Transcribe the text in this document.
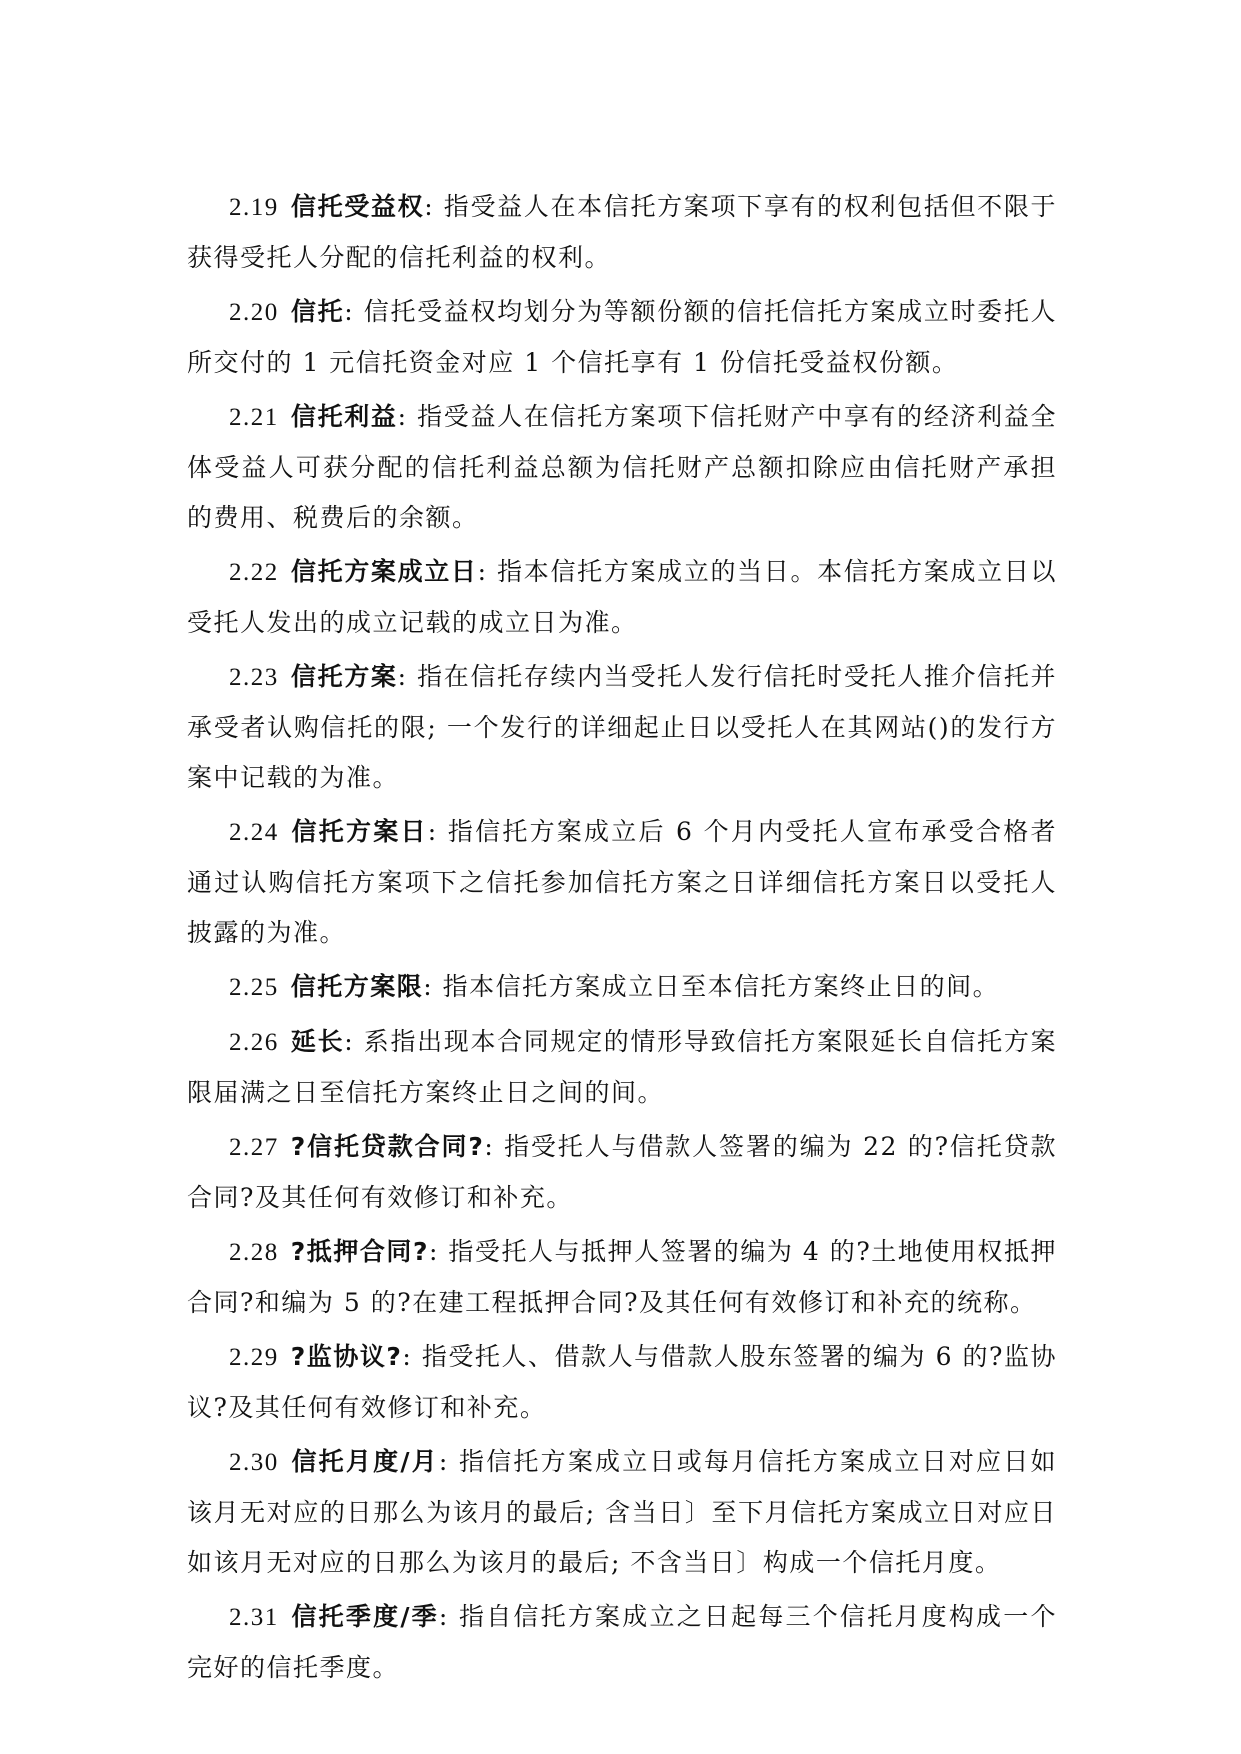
2.19 信托受益权: 指受益人在本信托方案项下享有的权利包括但不限于获得受托人分配的信托利益的权利。

2.20 信托: 信托受益权均划分为等额份额的信托信托方案成立时委托人所交付的 1 元信托资金对应 1 个信托享有 1 份信托受益权份额。

2.21 信托利益: 指受益人在信托方案项下信托财产中享有的经济利益全体受益人可获分配的信托利益总额为信托财产总额扣除应由信托财产承担的费用、税费后的余额。

2.22 信托方案成立日: 指本信托方案成立的当日。本信托方案成立日以受托人发出的成立记载的成立日为准。

2.23 信托方案: 指在信托存续内当受托人发行信托时受托人推介信托并承受者认购信托的限; 一个发行的详细起止日以受托人在其网站()的发行方案中记载的为准。

2.24 信托方案日: 指信托方案成立后 6 个月内受托人宣布承受合格者通过认购信托方案项下之信托参加信托方案之日详细信托方案日以受托人披露的为准。

2.25 信托方案限: 指本信托方案成立日至本信托方案终止日的间。

2.26 延长: 系指出现本合同规定的情形导致信托方案限延长自信托方案限届满之日至信托方案终止日之间的间。

2.27 ?信托贷款合同?: 指受托人与借款人签署的编为 22 的?信托贷款合同?及其任何有效修订和补充。

2.28 ?抵押合同?: 指受托人与抵押人签署的编为 4 的?土地使用权抵押合同?和编为 5 的?在建工程抵押合同?及其任何有效修订和补充的统称。

2.29 ?监协议?: 指受托人、借款人与借款人股东签署的编为 6 的?监协议?及其任何有效修订和补充。

2.30 信托月度/月: 指信托方案成立日或每月信托方案成立日对应日如该月无对应的日那么为该月的最后; 含当日〕至下月信托方案成立日对应日如该月无对应的日那么为该月的最后; 不含当日〕构成一个信托月度。

2.31 信托季度/季: 指自信托方案成立之日起每三个信托月度构成一个完好的信托季度。
